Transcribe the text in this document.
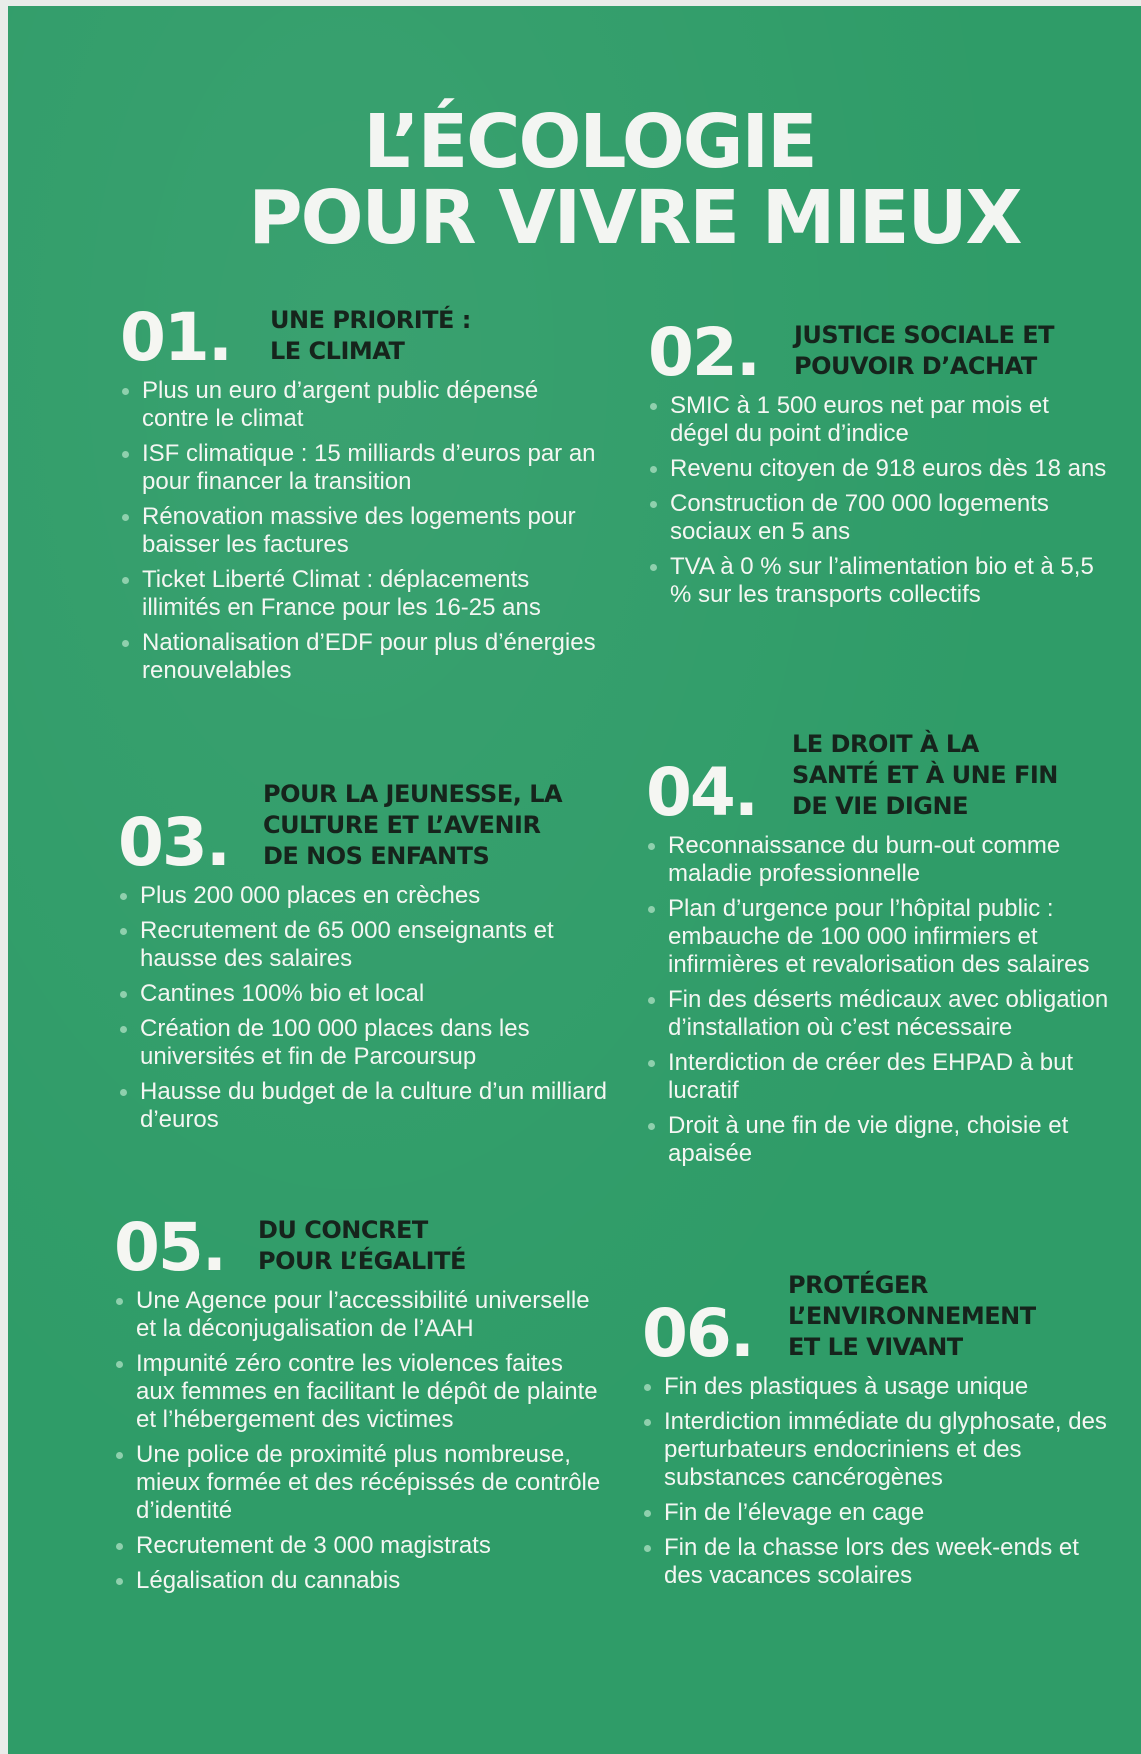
L’ÉCOLOGIE
POUR VIVRE MIEUX
01. UNE PRIORITÉ :
LE CLIMAT
Plus un euro d’argent public dépensé contre le climat
ISF climatique : 15 milliards d’euros par an pour financer la transition
Rénovation massive des logements pour baisser les factures
Ticket Liberté Climat : déplacements illimités en France pour les 16-25 ans
Nationalisation d’EDF pour plus d’énergies renouvelables
02. JUSTICE SOCIALE ET
POUVOIR D’ACHAT
SMIC à 1 500 euros net par mois et dégel du point d’indice
Revenu citoyen de 918 euros dès 18 ans
Construction de 700 000 logements sociaux en 5 ans
TVA à 0 % sur l’alimentation bio et à 5,5 % sur les transports collectifs
03.
POUR LA JEUNESSE, LA
CULTURE ET L’AVENIR
DE NOS ENFANTS
Plus 200 000 places en crèches
Recrutement de 65 000 enseignants et hausse des salaires
Cantines 100% bio et local
Création de 100 000 places dans les universités et fin de Parcoursup
Hausse du budget de la culture d’un milliard d’euros
04.
LE DROIT À LA
SANTÉ ET À UNE FIN
DE VIE DIGNE
Reconnaissance du burn-out comme maladie professionnelle
Plan d’urgence pour l’hôpital public : embauche de 100 000 infirmiers et infirmières et revalorisation des salaires
Fin des déserts médicaux avec obligation d’installation où c’est nécessaire
Interdiction de créer des EHPAD à but lucratif
Droit à une fin de vie digne, choisie et apaisée
05. DU CONCRET
POUR L’ÉGALITÉ
Une Agence pour l’accessibilité universelle et la déconjugalisation de l’AAH
Impunité zéro contre les violences faites aux femmes en facilitant le dépôt de plainte et l’hébergement des victimes
Une police de proximité plus nombreuse, mieux formée et des récépissés de contrôle d’identité
Recrutement de 3 000 magistrats
Légalisation du cannabis
06.
PROTÉGER
L’ENVIRONNEMENT
ET LE VIVANT
Fin des plastiques à usage unique
Interdiction immédiate du glyphosate, des perturbateurs endocriniens et des substances cancérogènes
Fin de l’élevage en cage
Fin de la chasse lors des week-ends et des vacances scolaires
